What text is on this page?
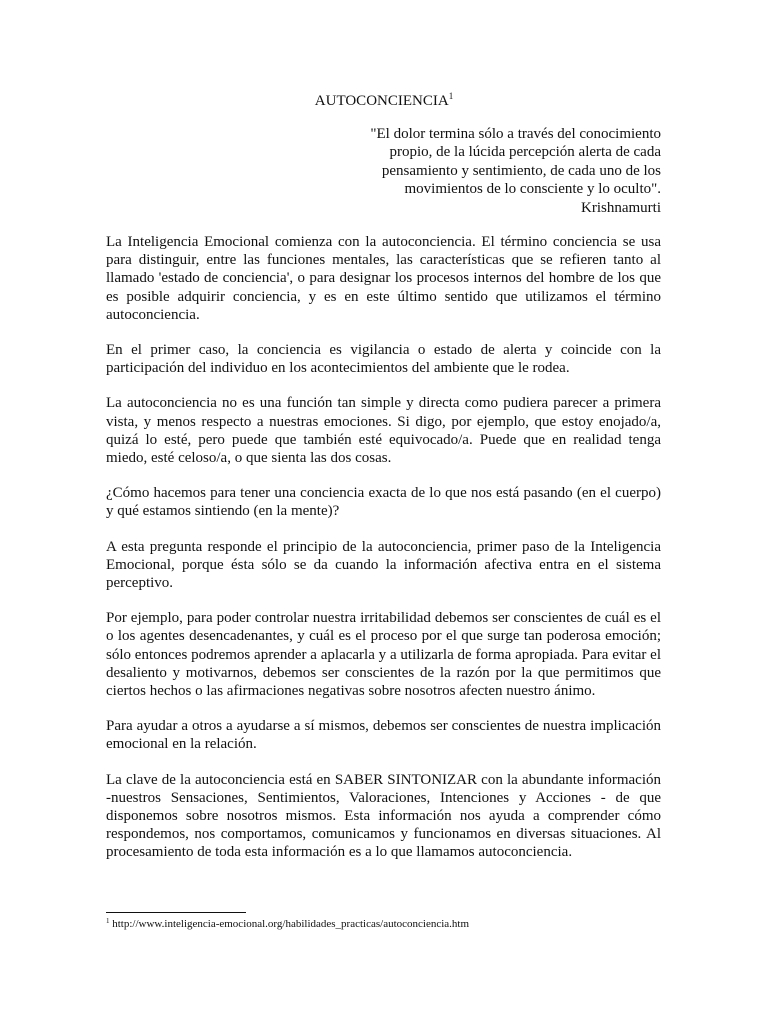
AUTOCONCIENCIA$^1$
"El dolor termina sólo a través del conocimiento
propio, de la lúcida percepción alerta de cada
pensamiento y sentimiento, de cada uno de los
movimientos de lo consciente y lo oculto".
Krishnamurti

La Inteligencia Emocional comienza con la autoconciencia. El término conciencia se usa para distinguir, entre las funciones mentales, las características que se refieren tanto al llamado 'estado de conciencia', o para designar los procesos internos del hombre de los que es posible adquirir conciencia, y es en este último sentido que utilizamos el término autoconciencia.

En el primer caso, la conciencia es vigilancia o estado de alerta y coincide con la participación del individuo en los acontecimientos del ambiente que le rodea.

La autoconciencia no es una función tan simple y directa como pudiera parecer a primera vista, y menos respecto a nuestras emociones. Si digo, por ejemplo, que estoy enojado/a, quizá lo esté, pero puede que también esté equivocado/a. Puede que en realidad tenga miedo, esté celoso/a, o que sienta las dos cosas.

¿Cómo hacemos para tener una conciencia exacta de lo que nos está pasando (en el cuerpo) y qué estamos sintiendo (en la mente)?

A esta pregunta responde el principio de la autoconciencia, primer paso de la Inteligencia Emocional, porque ésta sólo se da cuando la información afectiva entra en el sistema perceptivo.

Por ejemplo, para poder controlar nuestra irritabilidad debemos ser conscientes de cuál es el o los agentes desencadenantes, y cuál es el proceso por el que surge tan poderosa emoción; sólo entonces podremos aprender a aplacarla y a utilizarla de forma apropiada. Para evitar el desaliento y motivarnos, debemos ser conscientes de la razón por la que permitimos que ciertos hechos o las afirmaciones negativas sobre nosotros afecten nuestro ánimo.

Para ayudar a otros a ayudarse a sí mismos, debemos ser conscientes de nuestra implicación emocional en la relación.

La clave de la autoconciencia está en SABER SINTONIZAR con la abundante información -nuestros Sensaciones, Sentimientos, Valoraciones, Intenciones y Acciones - de que disponemos sobre nosotros mismos. Esta información nos ayuda a comprender cómo respondemos, nos comportamos, comunicamos y funcionamos en diversas situaciones. Al procesamiento de toda esta información es a lo que llamamos autoconciencia.

$^1$ http://www.inteligencia-emocional.org/habilidades_practicas/autoconciencia.htm
